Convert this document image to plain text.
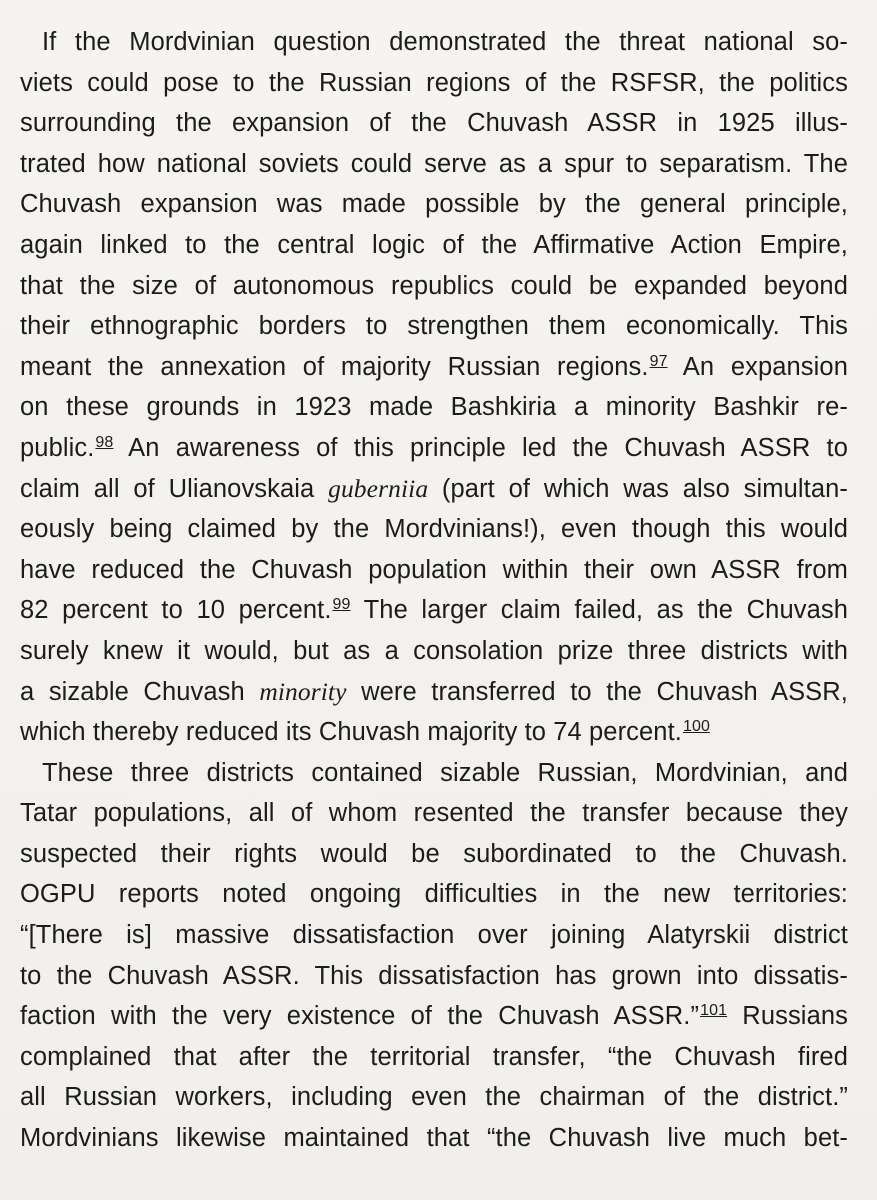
If the Mordvinian question demonstrated the threat national so-
viets could pose to the Russian regions of the RSFSR, the politics
surrounding the expansion of the Chuvash ASSR in 1925 illus-
trated how national soviets could serve as a spur to separatism. The
Chuvash expansion was made possible by the general principle,
again linked to the central logic of the Affirmative Action Empire,
that the size of autonomous republics could be expanded beyond
their ethnographic borders to strengthen them economically. This
meant the annexation of majority Russian regions.$^{97}$ An expansion
on these grounds in 1923 made Bashkiria a minority Bashkir re-
public.$^{98}$ An awareness of this principle led the Chuvash ASSR to
claim all of Ulianovskaia guberniia (part of which was also simultan-
eously being claimed by the Mordvinians!), even though this would
have reduced the Chuvash population within their own ASSR from
82 percent to 10 percent.$^{99}$ The larger claim failed, as the Chuvash
surely knew it would, but as a consolation prize three districts with
a sizable Chuvash minority were transferred to the Chuvash ASSR,
which thereby reduced its Chuvash majority to 74 percent.$^{100}$
These three districts contained sizable Russian, Mordvinian, and
Tatar populations, all of whom resented the transfer because they
suspected their rights would be subordinated to the Chuvash.
OGPU reports noted ongoing difficulties in the new territories:
“[There is] massive dissatisfaction over joining Alatyrskii district
to the Chuvash ASSR. This dissatisfaction has grown into dissatis-
faction with the very existence of the Chuvash ASSR.”$^{101}$ Russians
complained that after the territorial transfer, “the Chuvash fired
all Russian workers, including even the chairman of the district.”
Mordvinians likewise maintained that “the Chuvash live much bet-
